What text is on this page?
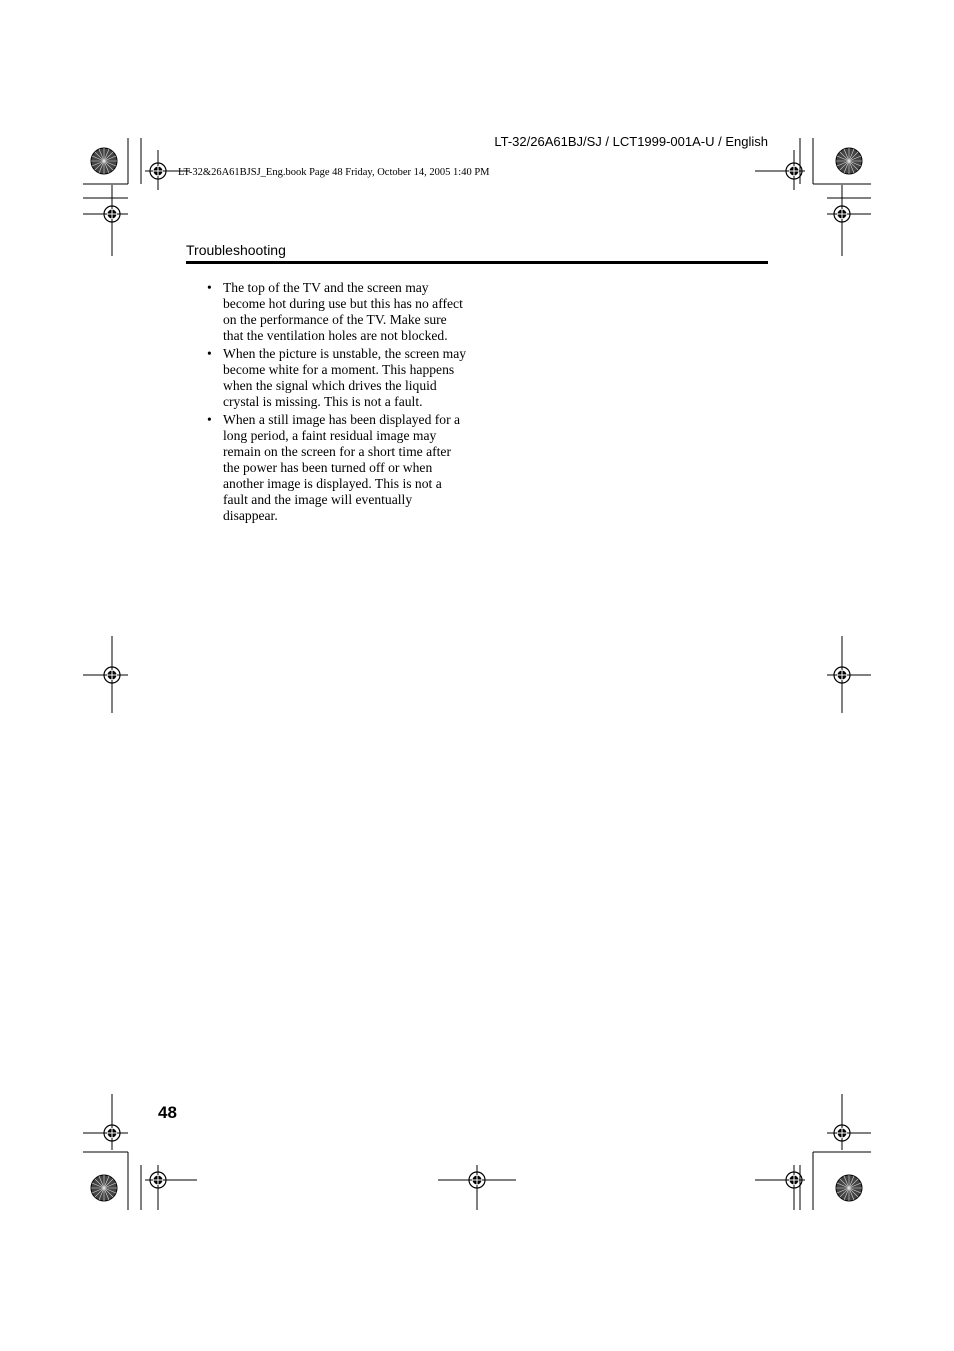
LT-32/26A61BJ/SJ / LCT1999-001A-U / English
LT-32&26A61BJSJ_Eng.book Page 48 Friday, October 14, 2005 1:40 PM
Troubleshooting
• The top of the TV and the screen may become hot during use but this has no affect on the performance of the TV. Make sure that the ventilation holes are not blocked.
• When the picture is unstable, the screen may become white for a moment. This happens when the signal which drives the liquid crystal is missing. This is not a fault.
• When a still image has been displayed for a long period, a faint residual image may remain on the screen for a short time after the power has been turned off or when another image is displayed. This is not a fault and the image will eventually disappear.
48
